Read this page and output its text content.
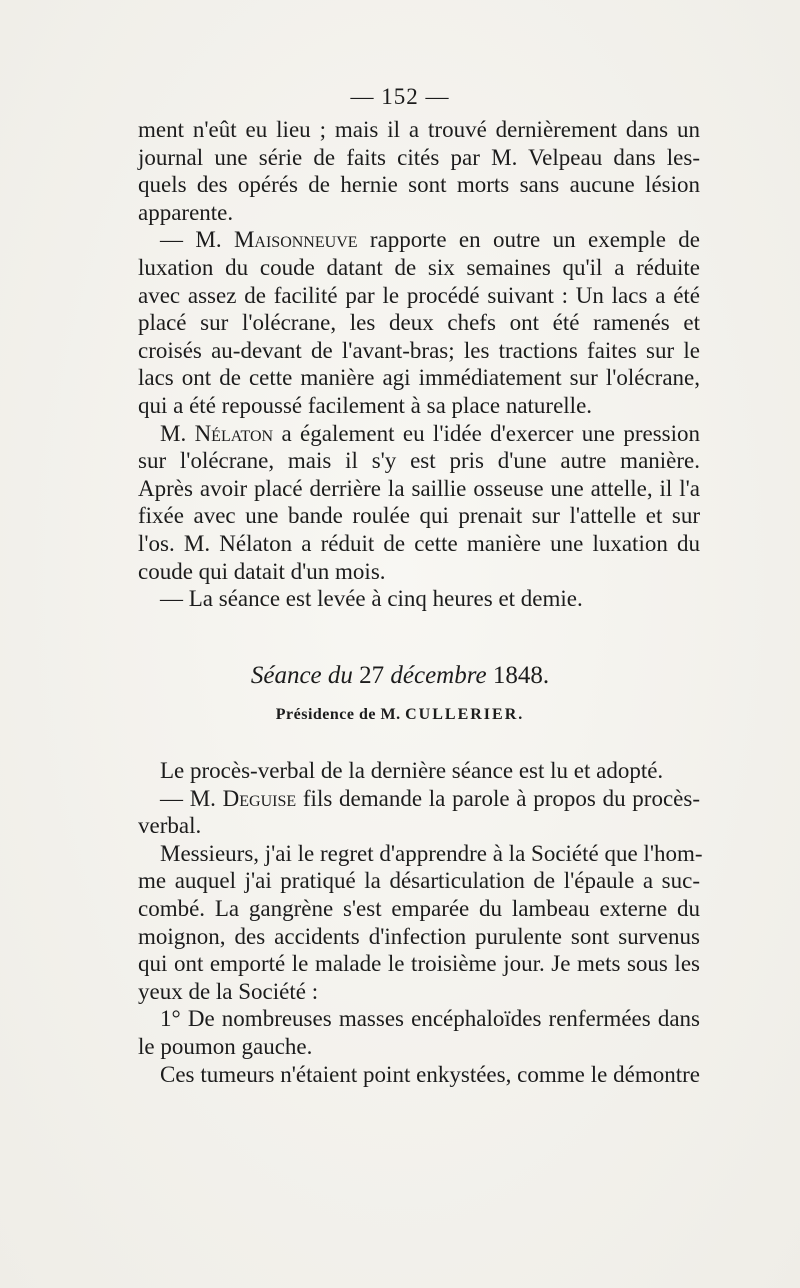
— 152 —
ment n'eût eu lieu ; mais il a trouvé dernièrement dans un
journal une série de faits cités par M. Velpeau dans les-
quels des opérés de hernie sont morts sans aucune lésion
apparente.
— M. Maisonneuve rapporte en outre un exemple de
luxation du coude datant de six semaines qu'il a réduite
avec assez de facilité par le procédé suivant : Un lacs a été
placé sur l'olécrane, les deux chefs ont été ramenés et
croisés au-devant de l'avant-bras; les tractions faites sur le
lacs ont de cette manière agi immédiatement sur l'olécrane,
qui a été repoussé facilement à sa place naturelle.
M. Nélaton a également eu l'idée d'exercer une pression
sur l'olécrane, mais il s'y est pris d'une autre manière.
Après avoir placé derrière la saillie osseuse une attelle, il l'a
fixée avec une bande roulée qui prenait sur l'attelle et sur
l'os. M. Nélaton a réduit de cette manière une luxation du
coude qui datait d'un mois.
— La séance est levée à cinq heures et demie.
Séance du 27 décembre 1848.
Présidence de M. CULLERIER.
Le procès-verbal de la dernière séance est lu et adopté.
— M. Deguise fils demande la parole à propos du procès-
verbal.
Messieurs, j'ai le regret d'apprendre à la Société que l'hom-
me auquel j'ai pratiqué la désarticulation de l'épaule a suc-
combé. La gangrène s'est emparée du lambeau externe du
moignon, des accidents d'infection purulente sont survenus
qui ont emporté le malade le troisième jour. Je mets sous les
yeux de la Société :
1° De nombreuses masses encéphaloïdes renfermées dans
le poumon gauche.
Ces tumeurs n'étaient point enkystées, comme le démontre
